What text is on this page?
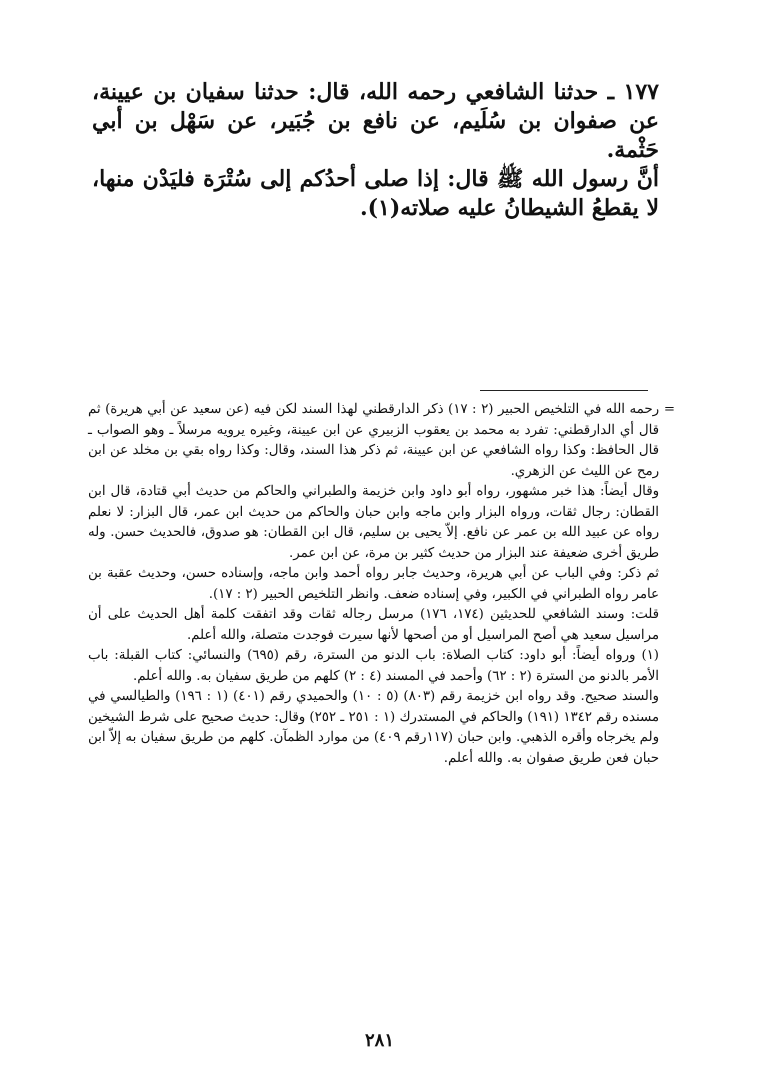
١٧٧ ـ حدثنا الشافعي رحمه الله، قال: حدثنا سفيان بن عيينة، عن صفوان بن سُلَيم، عن نافع بن جُبَير، عن سَهْل بن أبي حَثْمة.

أنَّ رسول الله ﷺ قال: إذا صلى أحدُكم إلى سُتْرَة فليَدْن منها، لا يقطعُ الشيطانُ عليه صلاته(١).

=
رحمه الله في التلخيص الحبير (٢ : ١٧) ذكر الدارقطني لهذا السند لكن فيه (عن سعيد عن أبي هريرة) ثم قال أي الدارقطني: تفرد به محمد بن يعقوب الزبيري عن ابن عيينة، وغيره يرويه مرسلاً ـ وهو الصواب ـ قال الحافظ: وكذا رواه الشافعي عن ابن عيينة، ثم ذكر هذا السند، وقال: وكذا رواه بقي بن مخلد عن ابن رمح عن الليث عن الزهري.

وقال أيضاً: هذا خبر مشهور، رواه أبو داود وابن خزيمة والطبراني والحاكم من حديث أبي قتادة، قال ابن القطان: رجال ثقات، ورواه البزار وابن ماجه وابن حبان والحاكم من حديث ابن عمر، قال البزار: لا نعلم رواه عن عبيد الله بن عمر عن نافع. إلاّ يحيى بن سليم، قال ابن القطان: هو صدوق، فالحديث حسن. وله طريق أخرى ضعيفة عند البزار من حديث كثير بن مرة، عن ابن عمر.

ثم ذكر: وفي الباب عن أبي هريرة، وحديث جابر رواه أحمد وابن ماجه، وإسناده حسن، وحديث عقبة بن عامر رواه الطبراني في الكبير، وفي إسناده ضعف. وانظر التلخيص الحبير (٢ : ١٧).

قلت: وسند الشافعي للحديثين (١٧٤، ١٧٦) مرسل رجاله ثقات وقد اتفقت كلمة أهل الحديث على أن مراسيل سعيد هي أصح المراسيل أو من أصحها لأنها سيرت فوجدت متصلة، والله أعلم.

(١) ورواه أيضاً: أبو داود: كتاب الصلاة: باب الدنو من السترة، رقم (٦٩٥) والنسائي: كتاب القبلة: باب الأمر بالدنو من السترة (٢ : ٦٢) وأحمد في المسند (٤ : ٢) كلهم من طريق سفيان به. والله أعلم.

والسند صحيح. وقد رواه ابن خزيمة رقم (٨٠٣) (٥ : ١٠) والحميدي رقم (٤٠١) (١ : ١٩٦) والطيالسي في مسنده رقم ١٣٤٢ (١٩١) والحاكم في المستدرك (١ : ٢٥١ ـ ٢٥٢) وقال: حديث صحيح على شرط الشيخين ولم يخرجاه وأقره الذهبي. وابن حبان (١١٧رقم ٤٠٩) من موارد الظمآن. كلهم من طريق سفيان به إلاّ ابن حبان فعن طريق صفوان به. والله أعلم.

٢٨١
